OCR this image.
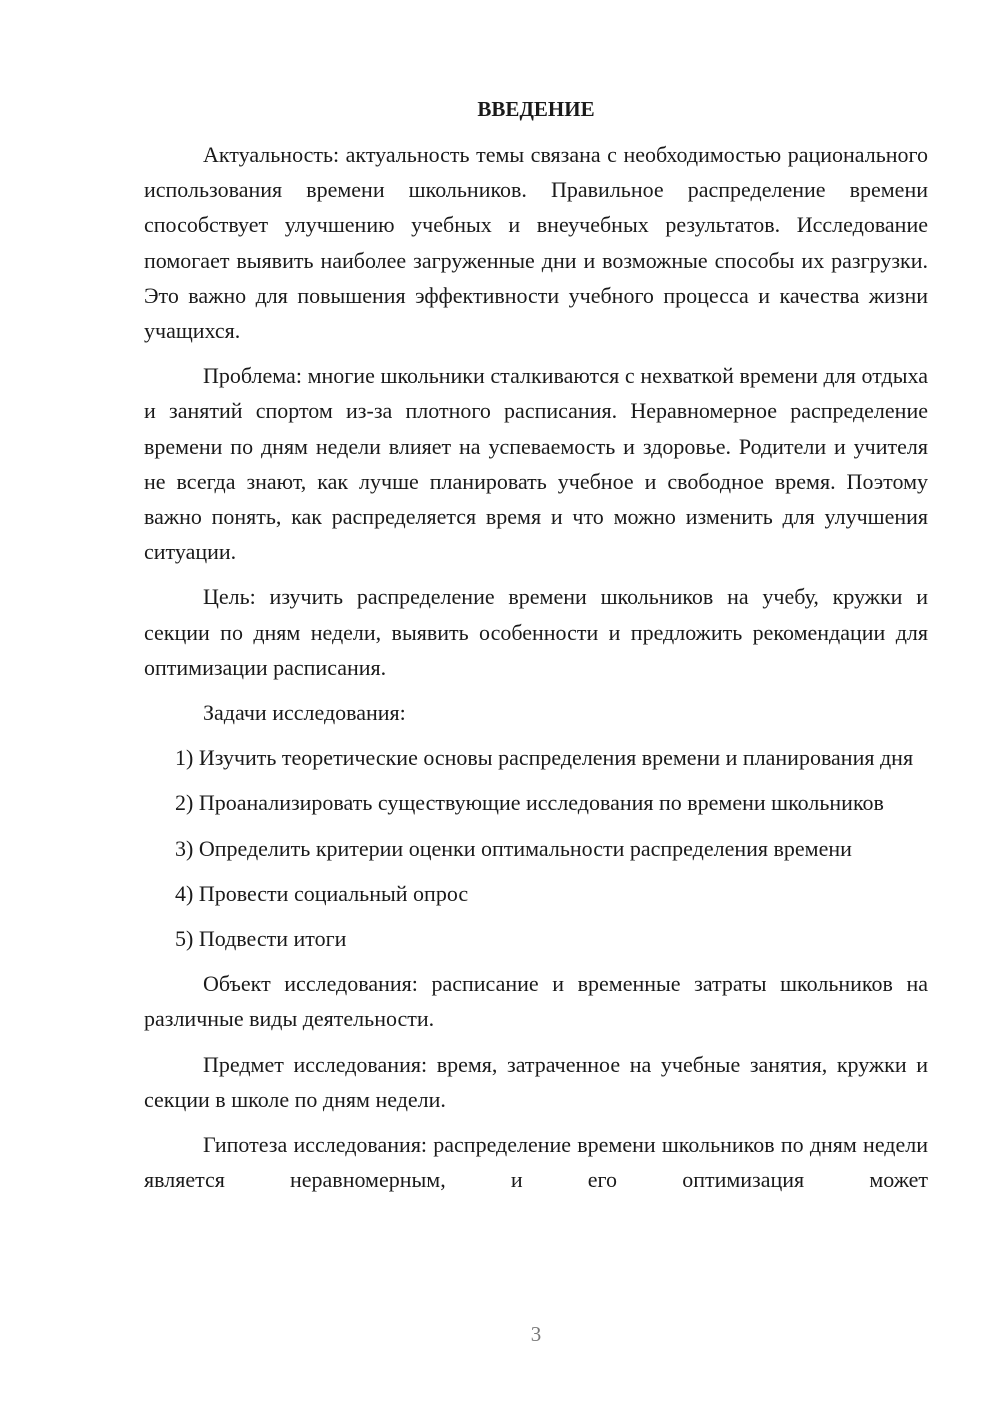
ВВЕДЕНИЕ

Актуальность: актуальность темы связана с необходимостью рационального использования времени школьников. Правильное распределение времени способствует улучшению учебных и внеучебных результатов. Исследование помогает выявить наиболее загруженные дни и возможные способы их разгрузки. Это важно для повышения эффективности учебного процесса и качества жизни учащихся.

Проблема: многие школьники сталкиваются с нехваткой времени для отдыха и занятий спортом из-за плотного расписания. Неравномерное распределение времени по дням недели влияет на успеваемость и здоровье. Родители и учителя не всегда знают, как лучше планировать учебное и свободное время. Поэтому важно понять, как распределяется время и что можно изменить для улучшения ситуации.

Цель: изучить распределение времени школьников на учебу, кружки и секции по дням недели, выявить особенности и предложить рекомендации для оптимизации расписания.

Задачи исследования:

1) Изучить теоретические основы распределения времени и планирования дня

2) Проанализировать существующие исследования по времени школьников

3) Определить критерии оценки оптимальности распределения времени

4) Провести социальный опрос

5) Подвести итоги

Объект исследования: расписание и временные затраты школьников на различные виды деятельности.

Предмет исследования: время, затраченное на учебные занятия, кружки и секции в школе по дням недели.

Гипотеза исследования: распределение времени школьников по дням недели является неравномерным, и его оптимизация может

3
